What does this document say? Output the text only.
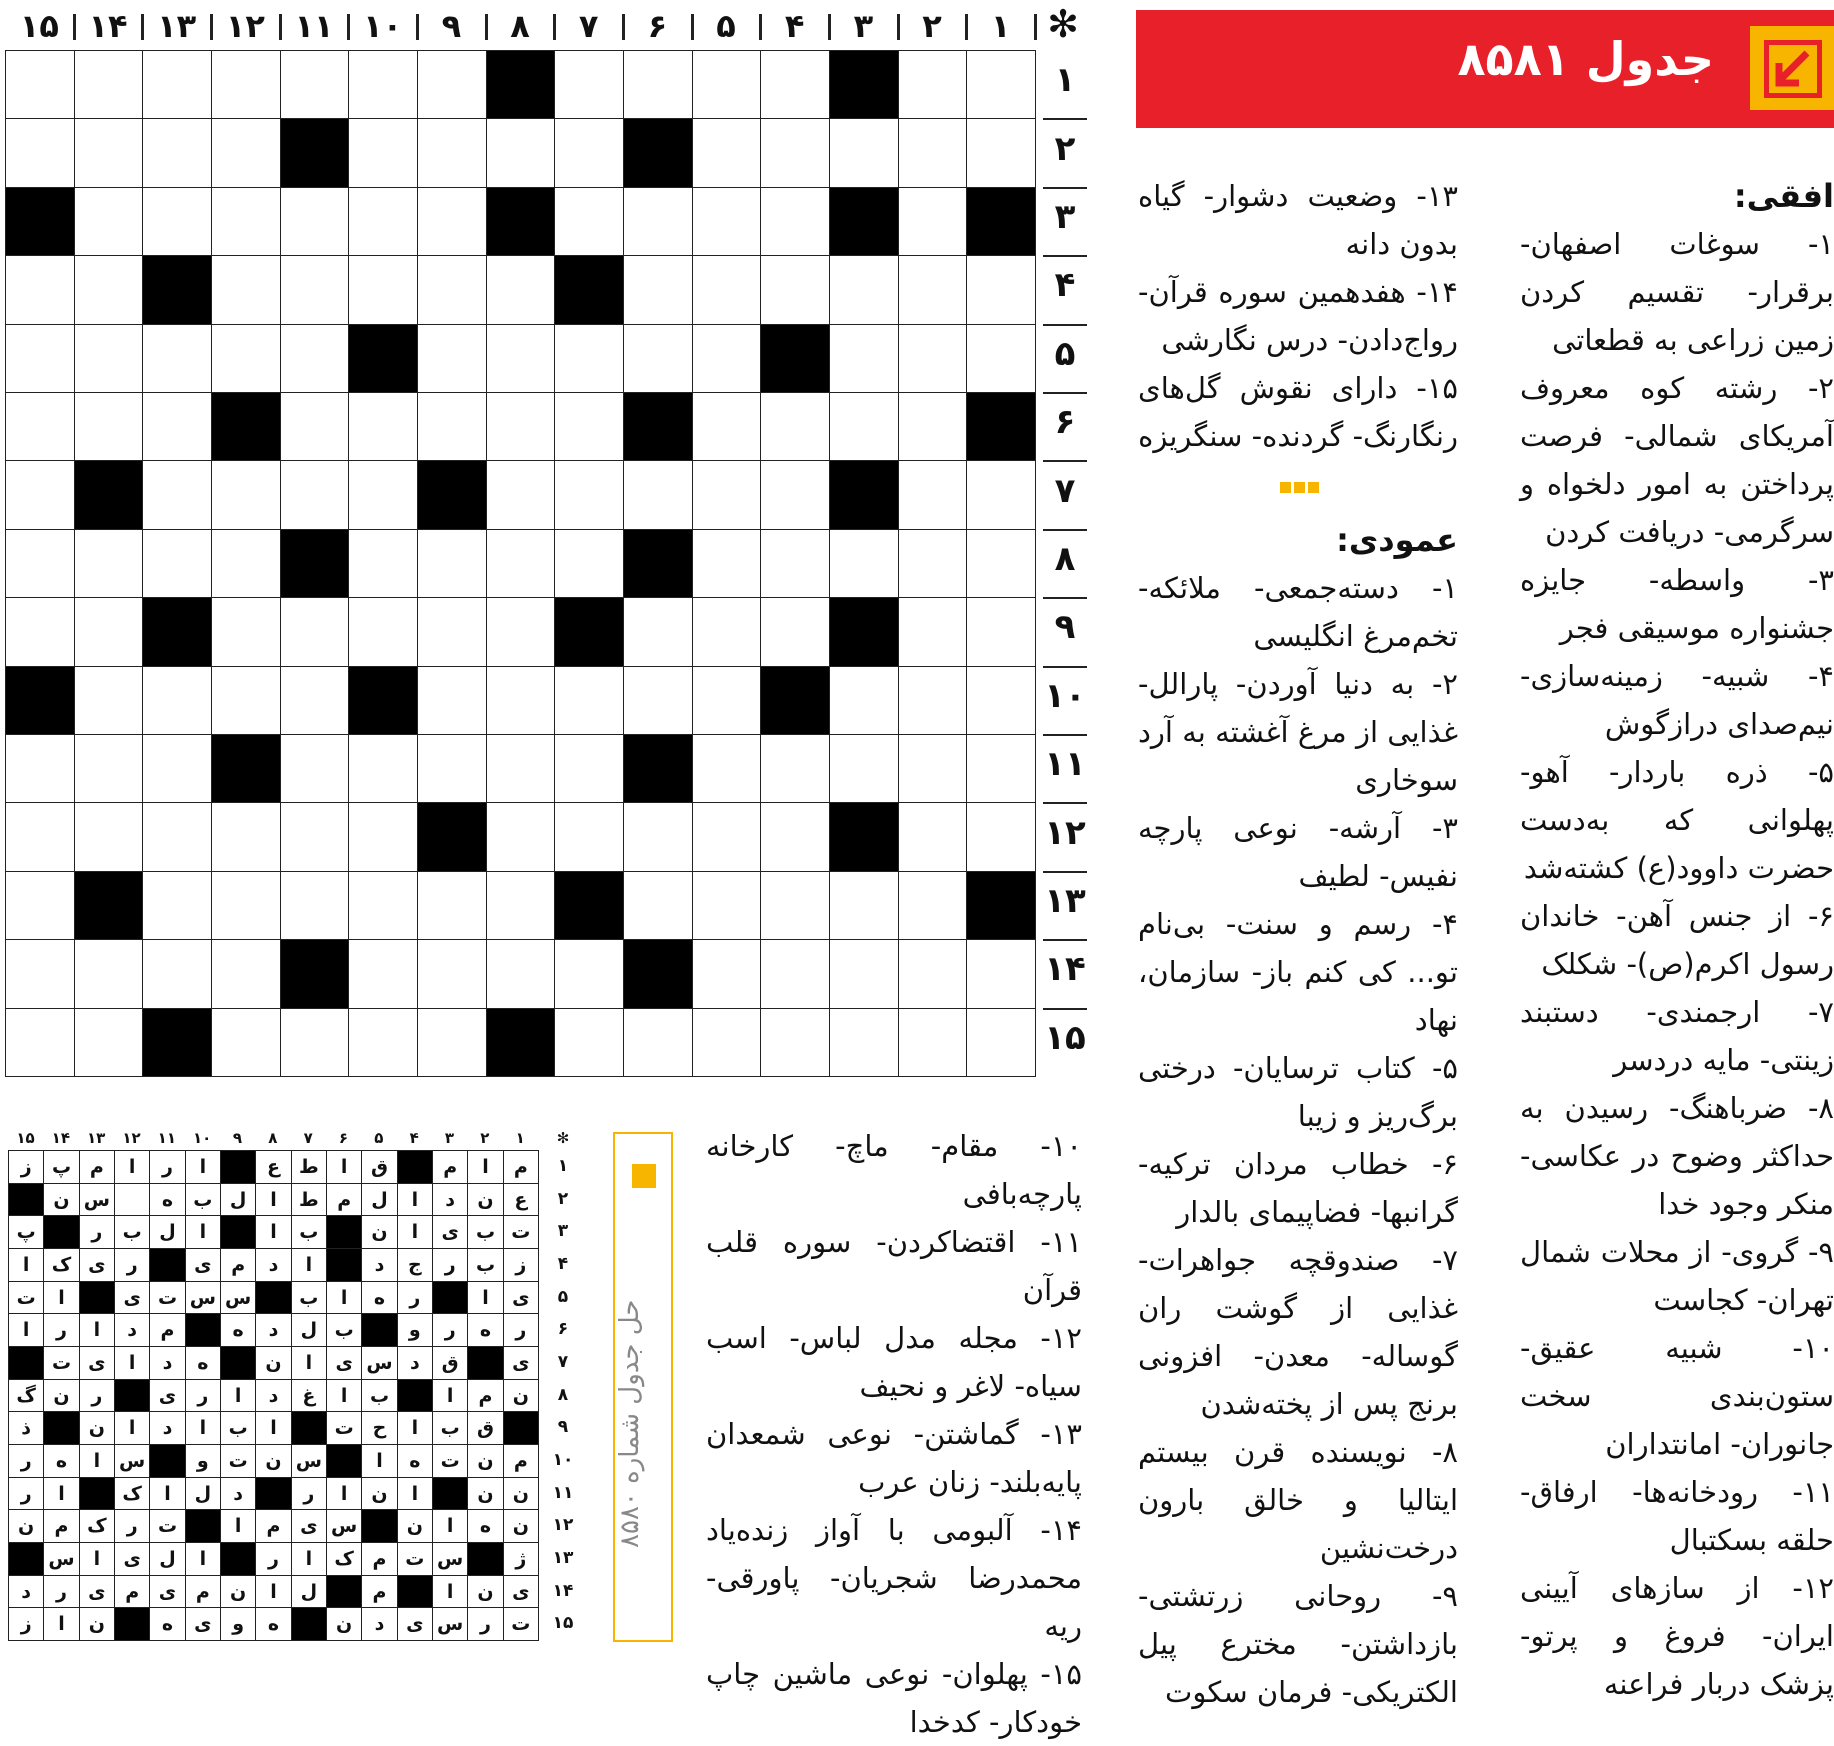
۱
۲
۳
۴
۵
۶
۷
۸
۹
۱۰
۱۱
۱۲
۱۳
۱۴
۱۵	✻
۱
۲
۳
۴
۵
۶
۷
۸
۹
۱۰
۱۱
۱۲
۱۳
۱۴
۱۵
جدول ۸۵۸۱

افقی:

۱- سوغات اصفهان- برقرار- تقسیم کردن زمین زراعی به قطعاتی

۲- رشته کوه معروف آمریکای شمالی- فرصت پرداختن به امور دلخواه و سرگرمی- دریافت کردن

۳- واسطه- جایزه جشنواره موسیقی فجر

۴- شبیه- زمینه‌سازی- نیم‌صدای درازگوش

۵- ذره باردار- آهو- پهلوانی که به‌دست حضرت داوود(ع) کشته‌شد

۶- از جنس آهن- خاندان رسول اکرم(ص)- شکلک

۷- ارجمندی- دستبند زینتی- مایه دردسر

۸- ضرباهنگ- رسیدن به حداکثر وضوح در عکاسی- منکر وجود خدا

۹- گروی- از محلات شمال تهران- کجاست

۱۰- شبیه عقیق- ستون‌بندی سخت جانوران- امانتداران

۱۱- رودخانه‌ها- ارفاق- حلقه بسکتبال

۱۲- از سازهای آیینی ایران- فروغ و پرتو- پزشک دربار فراعنه

۱۳- وضعیت دشوار- گیاه بدون دانه

۱۴- هفدهمین سوره قرآن- رواج‌دادن- درس نگارشی

۱۵- دارای نقوش گل‌های رنگارنگ- گردنده- سنگریزه

عمودی:

۱- دسته‌جمعی- ملائکه- تخم‌مرغ انگلیسی

۲- به دنیا آوردن- پارالل- غذایی از مرغ آغشته به آرد سوخاری

۳- آرشه- نوعی پارچه نفیس- لطیف

۴- رسم و سنت- بی‌نام تو... کی کنم باز- سازمان، نهاد

۵- کتاب ترسایان- درختی برگ‌ریز و زیبا

۶- خطاب مردان ترکیه- گرانبها- فضاپیمای بالدار

۷- صندوقچه جواهرات- غذایی از گوشت ران گوساله- معدن- افزونی برنج پس از پخته‌شدن

۸- نویسنده قرن بیستم ایتالیا و خالق بارون درخت‌نشین

۹- روحانی زرتشتی- بازداشتن- مخترع پیل الکتریکی- فرمان سکوت

۱۰- مقام- ماچ- کارخانه پارچه‌بافی

۱۱- اقتضاکردن- سوره قلب قرآن

۱۲- مجله مدل لباس- اسب سیاه- لاغر و نحیف

۱۳- گماشتن- نوعی شمعدان پایه‌بلند- زنان عرب

۱۴- آلبومی با آواز زنده‌یاد محمدرضا شجریان- پاورقی- ریه

۱۵- پهلوان- نوعی ماشین چاپ خودکار- کدخدا

حل جدول شماره ۸۵۸۰
۱
۲
۳
۴
۵
۶
۷
۸
۹
۱۰
۱۱
۱۲
۱۳
۱۴
۱۵	✻
۱
۲
۳
۴
۵
۶
۷
۸
۹
۱۰
۱۱
۱۲
۱۳
۱۴
۱۵
م
ا
م
ق
ا
ط
ع
ا
ر
ا
م
پ
ز
ع
ن
د
ا
ل
م
ط
ا
ل
ب
ه
س
ن
ت
ب
ی
ا
ن
ب
ا
ا
ل
ب
ر
پ
ز
ب
ر
ج
د
ا
د
م
ی
ر
ی
ک
ا
ی
ا
ر
ه
ا
ب
س
س
ت
ی
ا
ت
ر
ه
ر
و
ب
ل
د
ه
م
د
ا
ر
ا
ی
ق
د
س
ی
ا
ن
ه
د
ا
ی
ت
ن
م
ا
ب
ا
غ
د
ا
ر
ی
ر
ن
گ
ق
ب
ا
ح
ت
ا
ب
ا
د
ا
ن
ذ
م
ن
ت
ه
ا
س
ن
ت
و
س
ا
ه
ر
ن
ن
ا
ن
ا
ر
د
ل
ا
ک
ا
ر
ن
ه
ا
ن
س
ی
م
ا
ت
ر
ک
م
ن
ژ
س
ت
م
ک
ا
ر
ا
ل
ی
ا
س
ی
ن
ا
م
ل
ا
ن
م
ی
م
ی
ر
د
ت
ر
س
ی
د
ن
ه
و
ی
ه
ن
ا
ز
